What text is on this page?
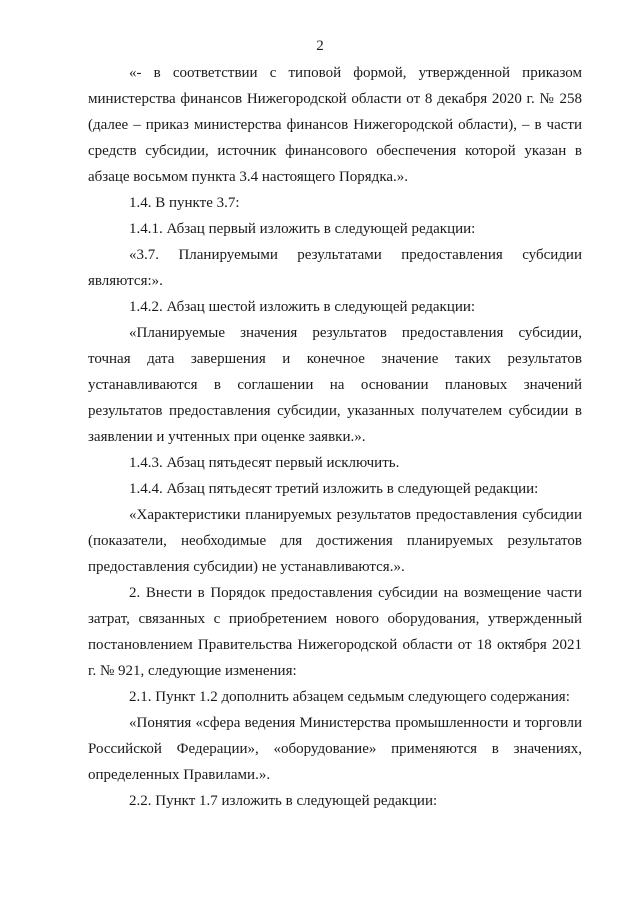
2

«- в соответствии с типовой формой, утвержденной приказом министерства финансов Нижегородской области от 8 декабря 2020 г. № 258 (далее – приказ министерства финансов Нижегородской области), – в части средств субсидии, источник финансового обеспечения которой указан в абзаце восьмом пункта 3.4 настоящего Порядка.».

1.4. В пункте 3.7:

1.4.1. Абзац первый изложить в следующей редакции:

«3.7. Планируемыми результатами предоставления субсидии являются:».

1.4.2. Абзац шестой изложить в следующей редакции:

«Планируемые значения результатов предоставления субсидии, точная дата завершения и конечное значение таких результатов устанавливаются в соглашении на основании плановых значений результатов предоставления субсидии, указанных получателем субсидии в заявлении и учтенных при оценке заявки.».

1.4.3. Абзац пятьдесят первый исключить.

1.4.4. Абзац пятьдесят третий изложить в следующей редакции:

«Характеристики планируемых результатов предоставления субсидии (показатели, необходимые для достижения планируемых результатов предоставления субсидии) не устанавливаются.».

2. Внести в Порядок предоставления субсидии на возмещение части затрат, связанных с приобретением нового оборудования, утвержденный постановлением Правительства Нижегородской области от 18 октября 2021 г. № 921, следующие изменения:

2.1. Пункт 1.2 дополнить абзацем седьмым следующего содержания:

«Понятия «сфера ведения Министерства промышленности и торговли Российской Федерации», «оборудование» применяются в значениях, определенных Правилами.».

2.2. Пункт 1.7 изложить в следующей редакции:
